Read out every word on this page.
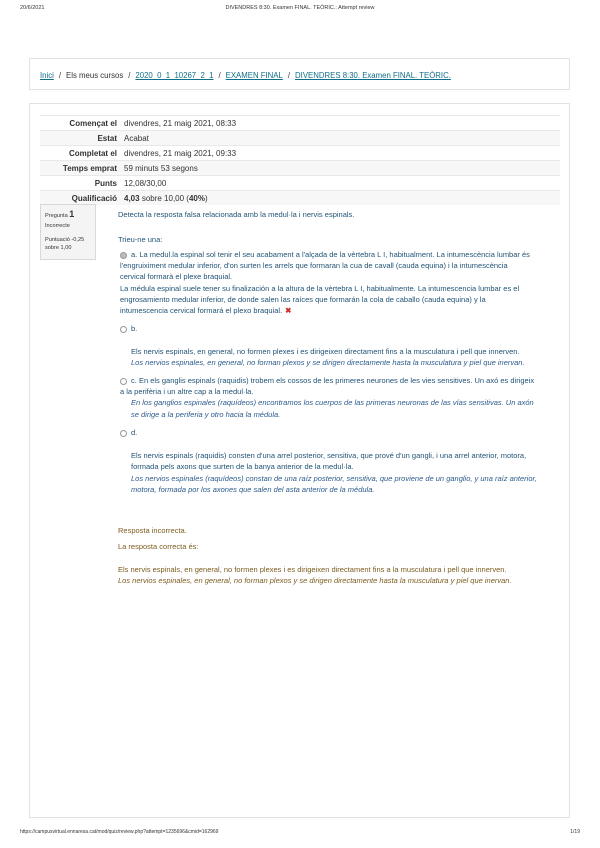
20/6/2021	DIVENDRES 8:30. Examen FINAL. TEÒRIC.: Attempt review
Inici / Els meus cursos / 2020_0_1_10267_2_1 / EXAMEN FINAL / DIVENDRES 8:30. Examen FINAL. TEÒRIC.
Començat el divendres, 21 maig 2021, 08:33
Estat Acabat
Completat el divendres, 21 maig 2021, 09:33
Temps emprat 59 minuts 53 segons
Punts 12,08/30,00
Qualificació 4,03 sobre 10,00 (40%)
Pregunta 1
Incorrecte
Puntuació -0,25
sobre 1,00
Detecta la resposta falsa relacionada amb la medul·la i nervis espinals.
Trieu-ne una:
a. La medul.la espinal sol tenir el seu acabament a l'alçada de la vèrtebra L I, habitualment. La intumescència lumbar és l'engruiximent medular inferior, d'on surten les arrels que formaran la cua de cavall (cauda equina) i la intumescència cervical formarà el plexe braquial.
La médula espinal suele tener su finalización a la altura de la vèrtebra L I, habitualmente. La intumescencia lumbar es el engrosamiento medular inferior, de donde salen las raíces que formarán la cola de caballo (cauda equina) y la intumescencia cervical formará el plexo braquial. ✖
b.
Els nervis espinals, en general, no formen plexes i es dirigeixen directament fins a la musculatura i pell que innerven.
Los nervios espinales, en general, no forman plexos y se dirigen directamente hasta la musculatura y piel que inervan.
c. En els ganglis espinals (raquidis) trobem els cossos de les primeres neurones de les vies sensitives. Un axó es dirigeix a la perifèria i un altre cap a la medul·la.
En los ganglios espinales (raquídeos) encontramos los cuerpos de las primeras neuronas de las vías sensitivas. Un axón se dirige a la periferia y otro hacia la médula.
d.
Els nervis espinals (raquidis) consten d'una arrel posterior, sensitiva, que prové d'un gangli, i una arrel anterior, motora, formada pels axons que surten de la banya anterior de la medul·la.
Los nervios espinales (raquídeos) constan de una raíz posterior, sensitiva, que proviene de un ganglio, y una raíz anterior, motora, formada por los axones que salen del asta anterior de la médula.
Resposta incorrecta.
La resposta correcta és:
Els nervis espinals, en general, no formen plexes i es dirigeixen directament fins a la musculatura i pell que innerven.
Los nervios espinales, en general, no forman plexos y se dirigen directamente hasta la musculatura y piel que inervan.
https://campusvirtual.ennaresa.cat/mod/quiz/review.php?attempt=1235696&cmid=162969	1/19
